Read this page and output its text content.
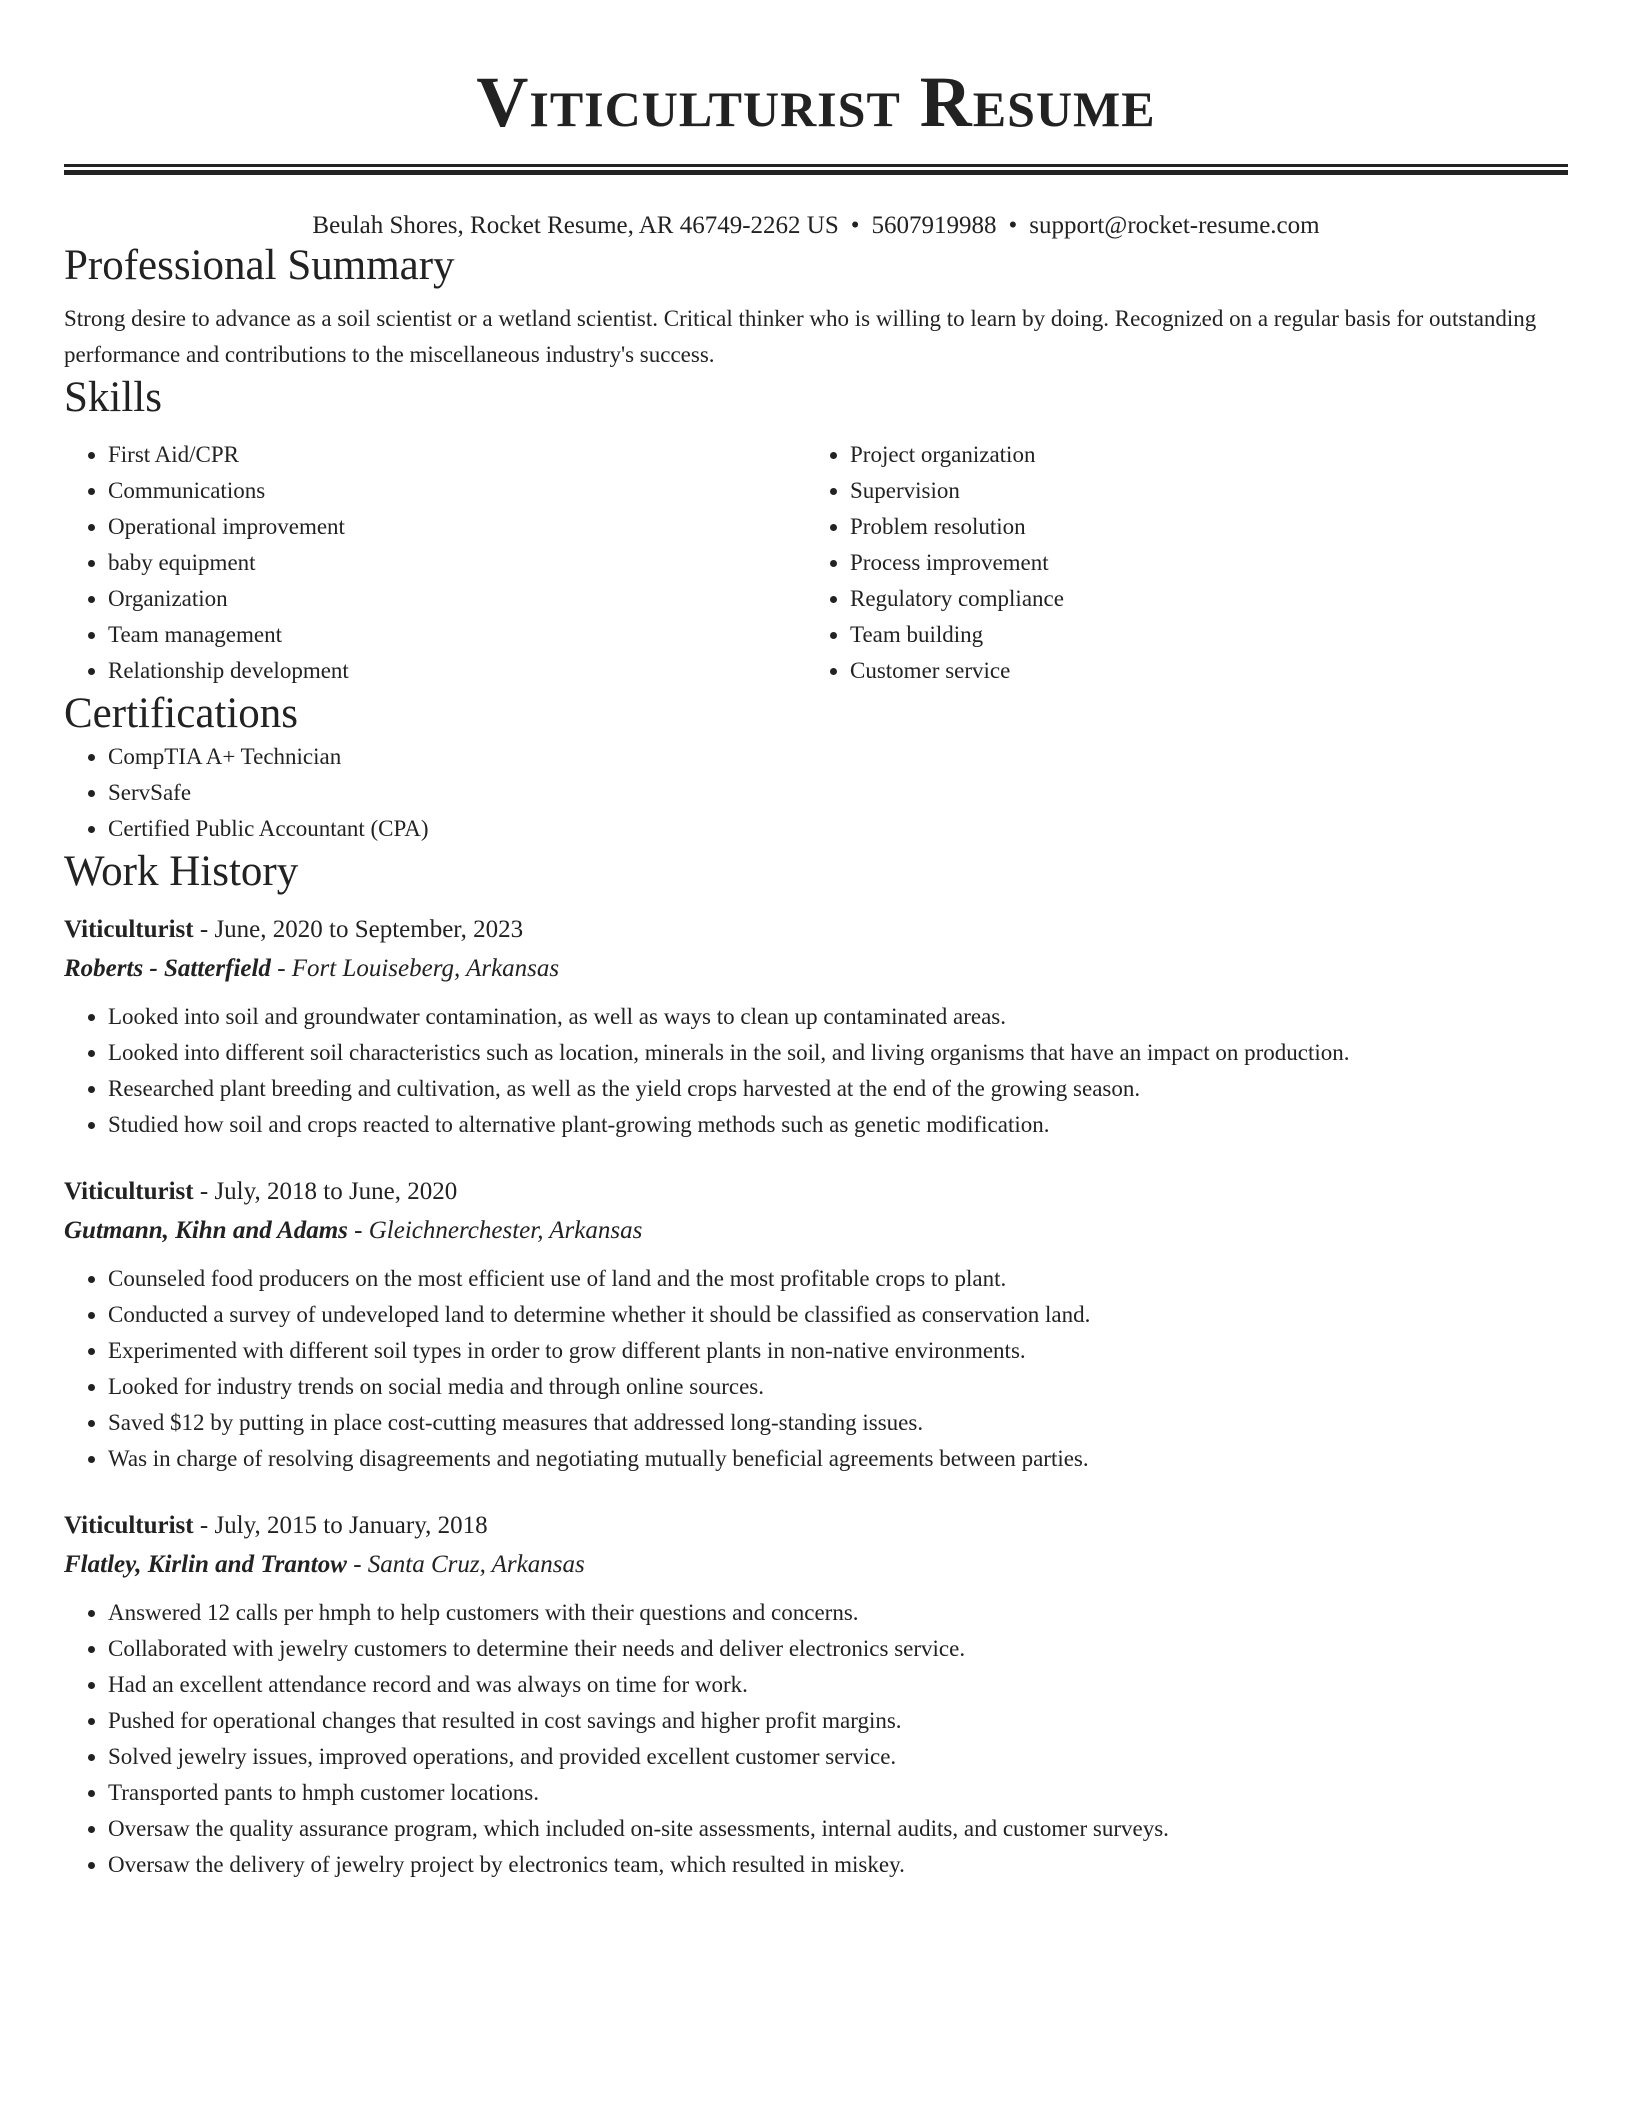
Viticulturist Resume
Beulah Shores, Rocket Resume, AR 46749-2262 US • 5607919988 • support@rocket-resume.com
Professional Summary
Strong desire to advance as a soil scientist or a wetland scientist. Critical thinker who is willing to learn by doing. Recognized on a regular basis for outstanding performance and contributions to the miscellaneous industry's success.
Skills
• First Aid/CPR
• Communications
• Operational improvement
• baby equipment
• Organization
• Team management
• Relationship development
• Project organization
• Supervision
• Problem resolution
• Process improvement
• Regulatory compliance
• Team building
• Customer service
Certifications
• CompTIA A+ Technician
• ServSafe
• Certified Public Accountant (CPA)
Work History
Viticulturist - June, 2020 to September, 2023
Roberts - Satterfield - Fort Louiseberg, Arkansas
• Looked into soil and groundwater contamination, as well as ways to clean up contaminated areas.
• Looked into different soil characteristics such as location, minerals in the soil, and living organisms that have an impact on production.
• Researched plant breeding and cultivation, as well as the yield crops harvested at the end of the growing season.
• Studied how soil and crops reacted to alternative plant-growing methods such as genetic modification.
Viticulturist - July, 2018 to June, 2020
Gutmann, Kihn and Adams - Gleichnerchester, Arkansas
• Counseled food producers on the most efficient use of land and the most profitable crops to plant.
• Conducted a survey of undeveloped land to determine whether it should be classified as conservation land.
• Experimented with different soil types in order to grow different plants in non-native environments.
• Looked for industry trends on social media and through online sources.
• Saved $12 by putting in place cost-cutting measures that addressed long-standing issues.
• Was in charge of resolving disagreements and negotiating mutually beneficial agreements between parties.
Viticulturist - July, 2015 to January, 2018
Flatley, Kirlin and Trantow - Santa Cruz, Arkansas
• Answered 12 calls per hmph to help customers with their questions and concerns.
• Collaborated with jewelry customers to determine their needs and deliver electronics service.
• Had an excellent attendance record and was always on time for work.
• Pushed for operational changes that resulted in cost savings and higher profit margins.
• Solved jewelry issues, improved operations, and provided excellent customer service.
• Transported pants to hmph customer locations.
• Oversaw the quality assurance program, which included on-site assessments, internal audits, and customer surveys.
• Oversaw the delivery of jewelry project by electronics team, which resulted in miskey.
